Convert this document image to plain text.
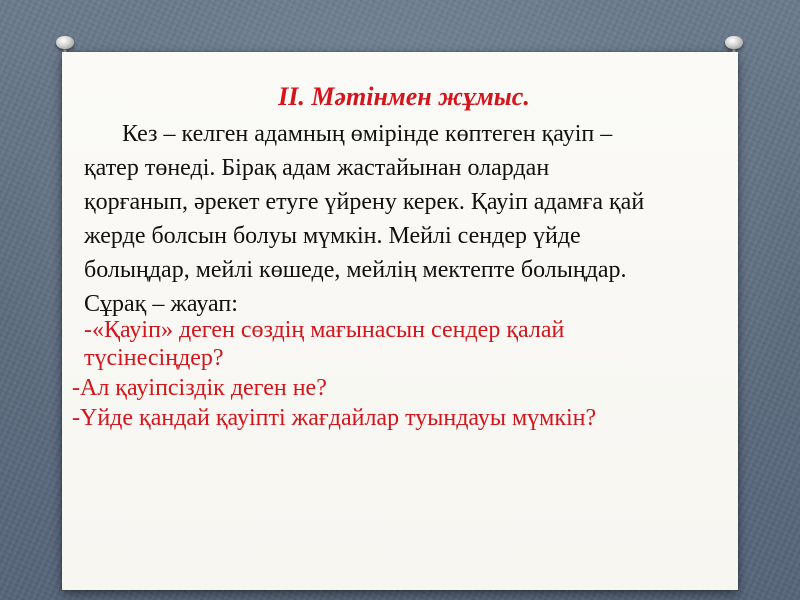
II. Мәтінмен жұмыс.
Кез – келген адамның өмірінде көптеген қауіп –
қатер төнеді. Бірақ адам жастайынан олардан
қорғанып, әрекет етуге үйрену керек. Қауіп адамға қай
жерде болсын болуы мүмкін. Мейлі сендер үйде
болыңдар, мейлі көшеде, мейлің мектепте болыңдар.
Сұрақ – жауап:
-«Қауіп» деген сөздің мағынасын сендер қалай
түсінесіңдер?
-Ал қауіпсіздік деген не?
-Үйде қандай қауіпті жағдайлар туындауы мүмкін?
